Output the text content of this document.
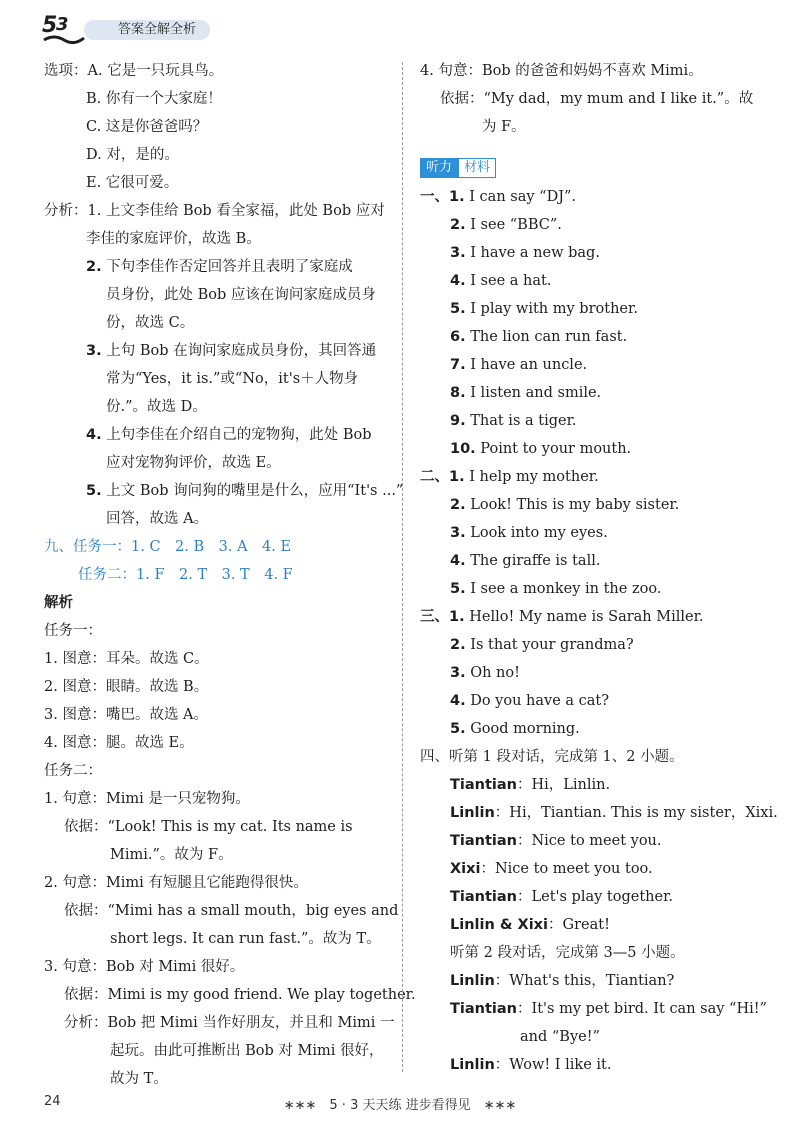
5
3	答案全解全析
选项：A. 它是一只玩具鸟。
B. 你有一个大家庭！
C. 这是你爸爸吗？
D. 对，是的。
E. 它很可爱。
分析：1. 上文李佳给 Bob 看全家福，此处 Bob 应对
李佳的家庭评价，故选 B。
2. 下句李佳作否定回答并且表明了家庭成
员身份，此处 Bob 应该在询问家庭成员身
份，故选 C。
3. 上句 Bob 在询问家庭成员身份，其回答通
常为“Yes，it is.”或“No，it's＋人物身
份.”。故选 D。
4. 上句李佳在介绍自己的宠物狗，此处 Bob
应对宠物狗评价，故选 E。
5. 上文 Bob 询问狗的嘴里是什么，应用“It's ...”
回答，故选 A。
九、任务一：1. C　2. B　3. A　4. E
任务二：1. F　2. T　3. T　4. F
解析
任务一：
1. 图意：耳朵。故选 C。
2. 图意：眼睛。故选 B。
3. 图意：嘴巴。故选 A。
4. 图意：腿。故选 E。
任务二：
1. 句意：Mimi 是一只宠物狗。
依据：“Look! This is my cat. Its name is
Mimi.”。故为 F。
2. 句意：Mimi 有短腿且它能跑得很快。
依据：“Mimi has a small mouth，big eyes and
short legs. It can run fast.”。故为 T。
3. 句意：Bob 对 Mimi 很好。
依据：Mimi is my good friend. We play together.
分析：Bob 把 Mimi 当作好朋友，并且和 Mimi 一
起玩。由此可推断出 Bob 对 Mimi 很好，
故为 T。
听力 材料
4. 句意：Bob 的爸爸和妈妈不喜欢 Mimi。
依据：“My dad，my mum and I like it.”。故
为 F。
一、1. I can say “DJ”.
2. I see “BBC”.
3. I have a new bag.
4. I see a hat.
5. I play with my brother.
6. The lion can run fast.
7. I have an uncle.
8. I listen and smile.
9. That is a tiger.
10. Point to your mouth.
二、1. I help my mother.
2. Look! This is my baby sister.
3. Look into my eyes.
4. The giraffe is tall.
5. I see a monkey in the zoo.
三、1. Hello! My name is Sarah Miller.
2. Is that your grandma?
3. Oh no!
4. Do you have a cat?
5. Good morning.
四、听第 1 段对话，完成第 1、2 小题。
Tiantian：Hi，Linlin.
Linlin：Hi，Tiantian. This is my sister，Xixi.
Tiantian：Nice to meet you.
Xixi：Nice to meet you too.
Tiantian：Let's play together.
Linlin & Xixi：Great!
听第 2 段对话，完成第 3—5 小题。
Linlin：What's this，Tiantian?
Tiantian：It's my pet bird. It can say “Hi!”
and “Bye!”
Linlin：Wow! I like it.
24	∗∗∗　5 · 3 天天练 进步看得见　∗∗∗
